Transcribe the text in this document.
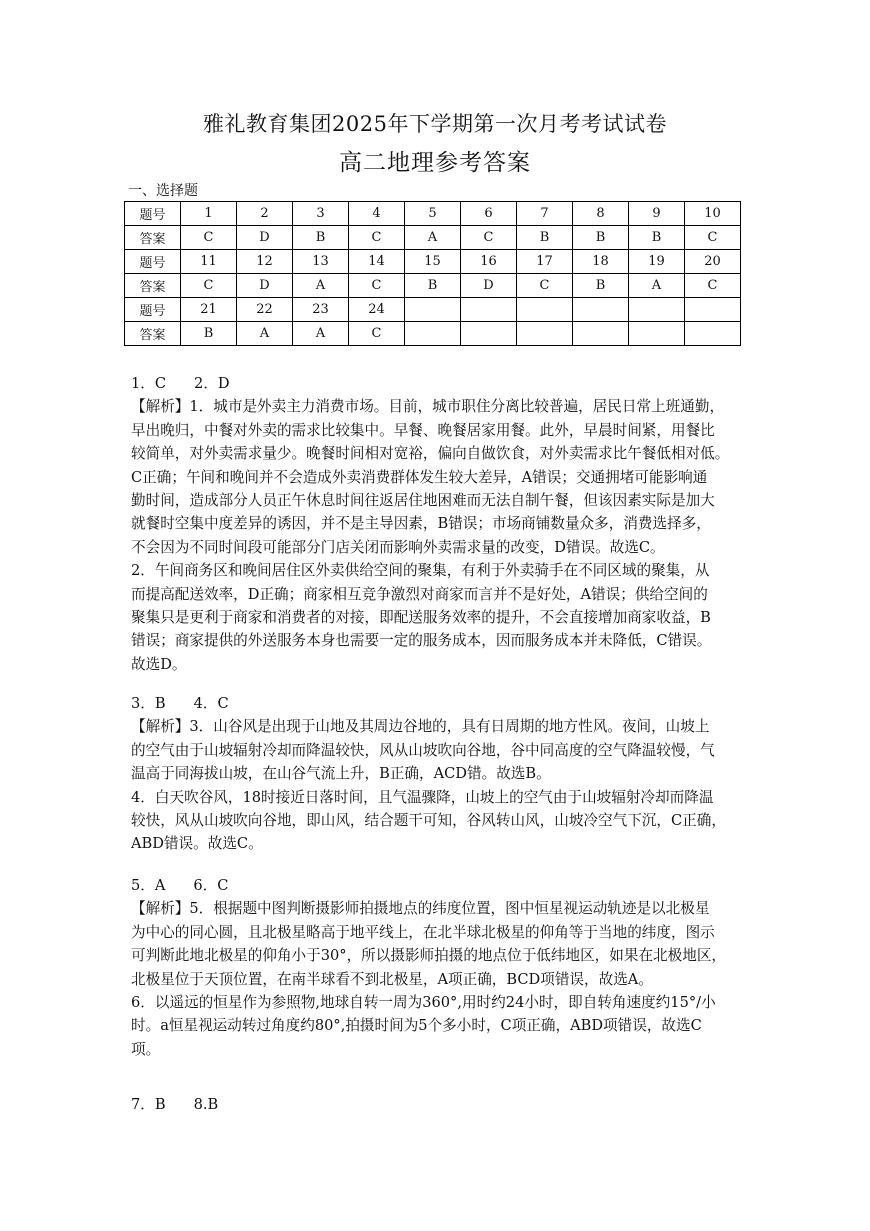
雅礼教育集团2025年下学期第一次月考考试试卷
高二地理参考答案
一、选择题
题号	1	2	3	4	5	6	7	8	9	10
答案	C	D	B	C	A	C	B	B	B	C
题号	11	12	13	14	15	16	17	18	19	20
答案	C	D	A	C	B	D	C	B	A	C
题号	21	22	23	24						
答案	B	A	A	C						

1．C 2．D

【解析】1．城市是外卖主力消费市场。目前，城市职住分离比较普遍，居民日常上班通勤，

早出晚归，中餐对外卖的需求比较集中。早餐、晚餐居家用餐。此外，早晨时间紧，用餐比

较简单，对外卖需求量少。晚餐时间相对宽裕，偏向自做饮食，对外卖需求比午餐低相对低。

C正确；午间和晚间并不会造成外卖消费群体发生较大差异，A错误；交通拥堵可能影响通

勤时间，造成部分人员正午休息时间往返居住地困难而无法自制午餐，但该因素实际是加大

就餐时空集中度差异的诱因，并不是主导因素，B错误；市场商铺数量众多，消费选择多，

不会因为不同时间段可能部分门店关闭而影响外卖需求量的改变，D错误。故选C。

2．午间商务区和晚间居住区外卖供给空间的聚集，有利于外卖骑手在不同区域的聚集，从

而提高配送效率，D正确；商家相互竞争激烈对商家而言并不是好处，A错误；供给空间的

聚集只是更利于商家和消费者的对接，即配送服务效率的提升，不会直接增加商家收益，B

错误；商家提供的外送服务本身也需要一定的服务成本，因而服务成本并未降低，C错误。

故选D。

3．B 4．C

【解析】3．山谷风是出现于山地及其周边谷地的，具有日周期的地方性风。夜间，山坡上

的空气由于山坡辐射冷却而降温较快，风从山坡吹向谷地，谷中同高度的空气降温较慢，气

温高于同海拔山坡，在山谷气流上升，B正确，ACD错。故选B。

4．白天吹谷风，18时接近日落时间，且气温骤降，山坡上的空气由于山坡辐射冷却而降温

较快，风从山坡吹向谷地，即山风，结合题干可知，谷风转山风，山坡冷空气下沉，C正确，

ABD错误。故选C。

5．A 6．C

【解析】5．根据题中图判断摄影师拍摄地点的纬度位置，图中恒星视运动轨迹是以北极星

为中心的同心圆，且北极星略高于地平线上，在北半球北极星的仰角等于当地的纬度，图示

可判断此地北极星的仰角小于30°，所以摄影师拍摄的地点位于低纬地区，如果在北极地区，

北极星位于天顶位置，在南半球看不到北极星，A项正确，BCD项错误，故选A。

6．以遥远的恒星作为参照物,地球自转一周为360°,用时约24小时，即自转角速度约15°/小

时。a恒星视运动转过角度约80°,拍摄时间为5个多小时，C项正确，ABD项错误，故选C

项。

7．B 8.B
